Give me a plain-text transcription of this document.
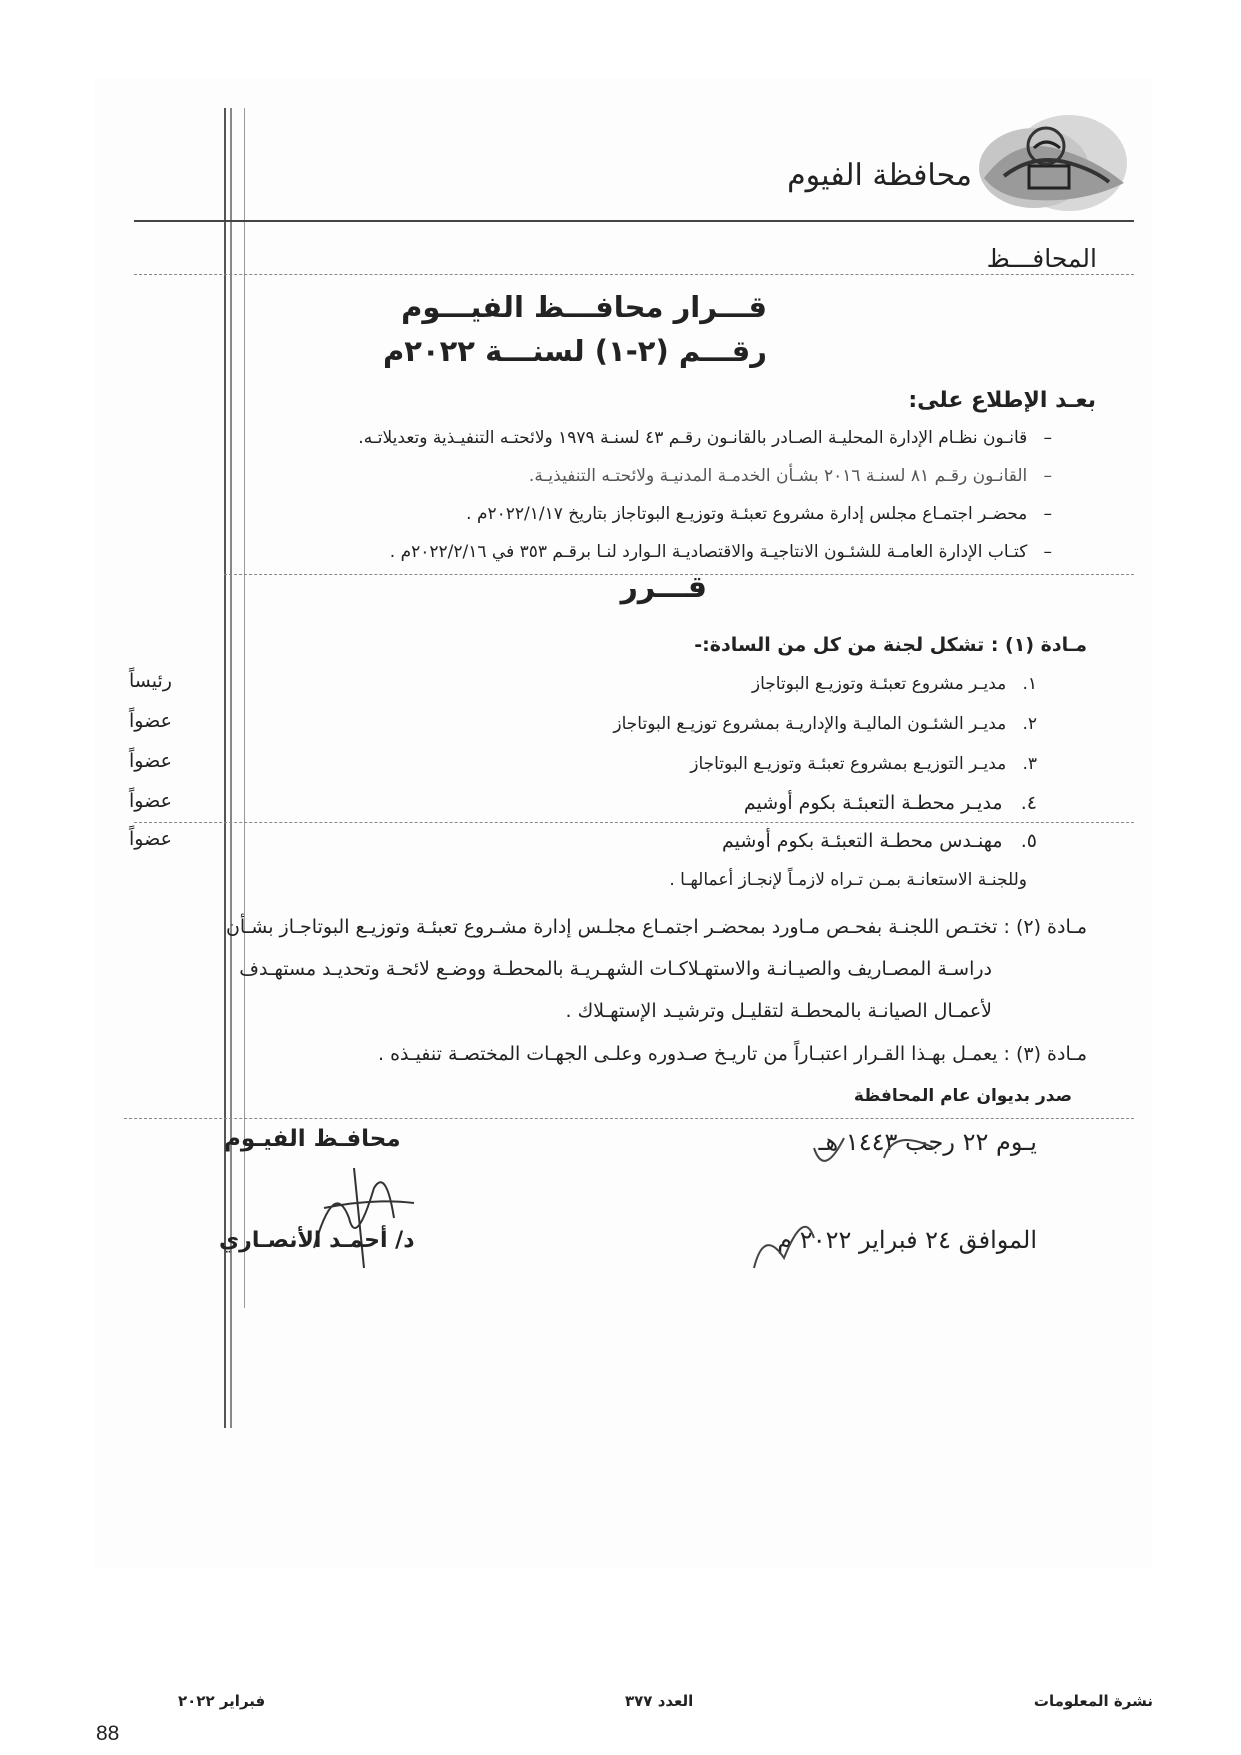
محافظة الفيوم
المحافـــظ
قـــرار محافـــظ الفيـــوم
رقـــم (٢-١) لسنـــة ٢٠٢٢م
بعـد الإطلاع على:
–   قانـون نظـام الإدارة المحليـة الصـادر بالقانـون رقـم ٤٣ لسنـة ١٩٧٩ ولائحتـه التنفيـذية وتعديلاتـه.
–   القانـون رقـم ٨١ لسنـة ٢٠١٦ بشـأن الخدمـة المدنيـة ولائحتـه التنفيذيـة.
–   محضـر اجتمـاع مجلس إدارة مشروع تعبئـة وتوزيـع البوتاجاز بتاريخ ٢٠٢٢/١/١٧م .
–   كتـاب الإدارة العامـة للشئـون الانتاجيـة والاقتصاديـة الـوارد لنـا برقـم ٣٥٣ في ٢٠٢٢/٢/١٦م .
قـــرر
مـادة (١) : تشكل لجنة من كل من السادة:-
١.   مديـر مشروع تعبئـة وتوزيـع البوتاجاز
رئيساً
٢.   مديـر الشئـون الماليـة والإداريـة بمشروع توزيـع البوتاجاز
عضواً
٣.   مديـر التوزيـع بمشروع تعبئـة وتوزيـع البوتاجاز
عضواً
٤.   مديـر محطـة التعبئـة بكوم أوشيم
عضواً
٥.   مهنـدس محطـة التعبئـة بكوم أوشيم
عضواً
وللجنـة الاستعانـة بمـن تـراه لازمـاً لإنجـاز أعمالهـا .
مـادة (٢) : تختـص اللجنـة بفحـص مـاورد بمحضـر اجتمـاع مجلـس إدارة مشـروع تعبئـة وتوزيـع البوتاجـاز بشـأن
دراسـة المصـاريف والصيـانـة والاستهـلاكـات الشهـريـة بالمحطـة ووضـع لائحـة وتحديـد مستهـدف
لأعمـال الصيانـة بالمحطـة لتقليـل وترشيـد الإستهـلاك .
مـادة (٣) : يعمـل بهـذا القـرار اعتبـاراً من تاريـخ صـدوره وعلـى الجهـات المختصـة تنفيـذه .
صدر بديوان عام المحافظة
يـوم ٢٢ رجب ١٤٤٣ هـ
الموافق ٢٤ فبراير ٢٠٢٢ م
محافـظ الفيـوم
د/ أحمـد الأنصـاري
نشرة المعلومات
العدد ٣٧٧
فبراير ٢٠٢٢
88
